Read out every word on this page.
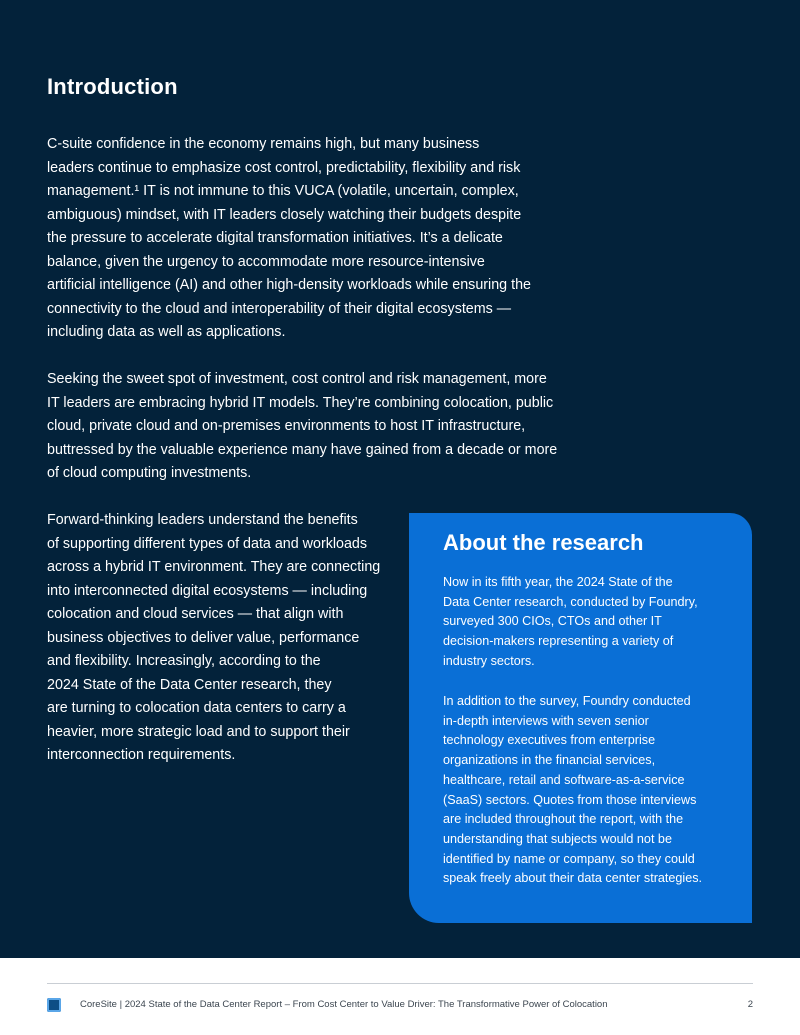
Introduction

C-suite confidence in the economy remains high, but many business
leaders continue to emphasize cost control, predictability, flexibility and risk
management.¹ IT is not immune to this VUCA (volatile, uncertain, complex,
ambiguous) mindset, with IT leaders closely watching their budgets despite
the pressure to accelerate digital transformation initiatives. It’s a delicate
balance, given the urgency to accommodate more resource-intensive
artificial intelligence (AI) and other high-density workloads while ensuring the
connectivity to the cloud and interoperability of their digital ecosystems —
including data as well as applications.

Seeking the sweet spot of investment, cost control and risk management, more
IT leaders are embracing hybrid IT models. They’re combining colocation, public
cloud, private cloud and on-premises environments to host IT infrastructure,
buttressed by the valuable experience many have gained from a decade or more
of cloud computing investments.

Forward-thinking leaders understand the benefits
of supporting different types of data and workloads
across a hybrid IT environment. They are connecting
into interconnected digital ecosystems — including
colocation and cloud services — that align with
business objectives to deliver value, performance
and flexibility. Increasingly, according to the
2024 State of the Data Center research, they
are turning to colocation data centers to carry a
heavier, more strategic load and to support their
interconnection requirements.

About the research

Now in its fifth year, the 2024 State of the
Data Center research, conducted by Foundry,
surveyed 300 CIOs, CTOs and other IT
decision-makers representing a variety of
industry sectors.

In addition to the survey, Foundry conducted
in-depth interviews with seven senior
technology executives from enterprise
organizations in the financial services,
healthcare, retail and software-as-a-service
(SaaS) sectors. Quotes from those interviews
are included throughout the report, with the
understanding that subjects would not be
identified by name or company, so they could
speak freely about their data center strategies.

CoreSite | 2024 State of the Data Center Report – From Cost Center to Value Driver: The Transformative Power of Colocation	2
